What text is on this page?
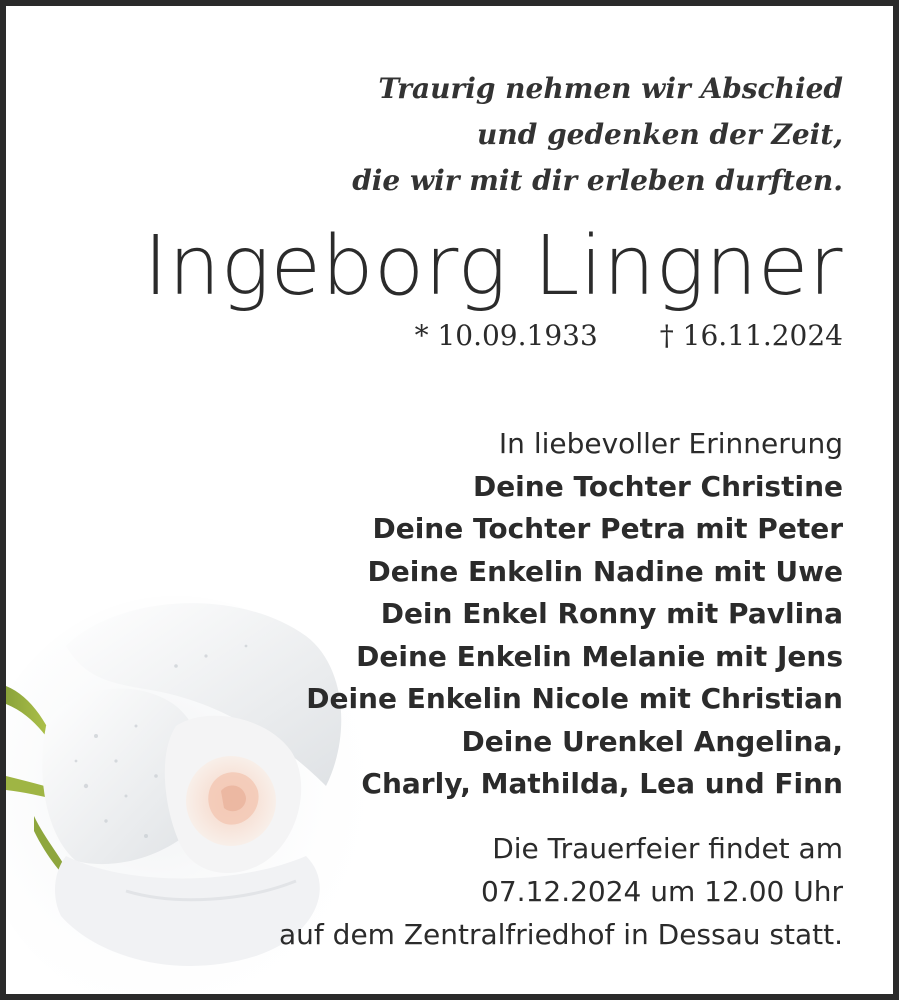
Traurig nehmen wir Abschied
und gedenken der Zeit,
die wir mit dir erleben durften.
Ingeborg Lingner
* 10.09.1933 † 16.11.2024
In liebevoller Erinnerung
Deine Tochter Christine
Deine Tochter Petra mit Peter
Deine Enkelin Nadine mit Uwe
Dein Enkel Ronny mit Pavlina
Deine Enkelin Melanie mit Jens
Deine Enkelin Nicole mit Christian
Deine Urenkel Angelina,
Charly, Mathilda, Lea und Finn
Die Trauerfeier findet am
07.12.2024 um 12.00 Uhr
auf dem Zentralfriedhof in Dessau statt.
